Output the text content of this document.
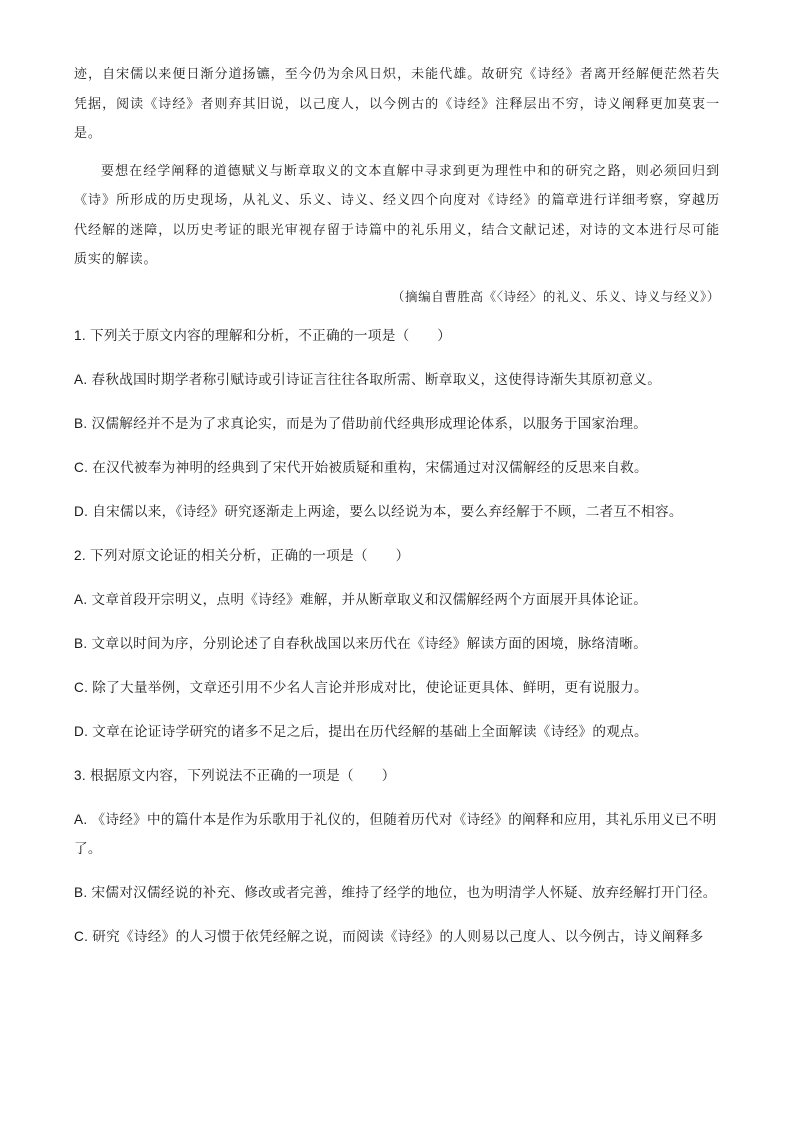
迹，自宋儒以来便日渐分道扬镳，至今仍为余风日炽，未能代雄。故研究《诗经》者离开经解便茫然若失凭据，阅读《诗经》者则弃其旧说，以己度人，以今例古的《诗经》注释层出不穷，诗义阐释更加莫衷一是。

要想在经学阐释的道德赋义与断章取义的文本直解中寻求到更为理性中和的研究之路，则必须回归到《诗》所形成的历史现场，从礼义、乐义、诗义、经义四个向度对《诗经》的篇章进行详细考察，穿越历代经解的迷障，以历史考证的眼光审视存留于诗篇中的礼乐用义，结合文献记述，对诗的文本进行尽可能质实的解读。

（摘编自曹胜高《〈诗经〉的礼义、乐义、诗义与经义》）

1. 下列关于原文内容的理解和分析，不正确的一项是（　　）

A. 春秋战国时期学者称引赋诗或引诗证言往往各取所需、断章取义，这使得诗渐失其原初意义。

B. 汉儒解经并不是为了求真论实，而是为了借助前代经典形成理论体系，以服务于国家治理。

C. 在汉代被奉为神明的经典到了宋代开始被质疑和重构，宋儒通过对汉儒解经的反思来自救。

D. 自宋儒以来，《诗经》研究逐渐走上两途，要么以经说为本，要么弃经解于不顾，二者互不相容。

2. 下列对原文论证的相关分析，正确的一项是（　　）

A. 文章首段开宗明义，点明《诗经》难解，并从断章取义和汉儒解经两个方面展开具体论证。

B. 文章以时间为序，分别论述了自春秋战国以来历代在《诗经》解读方面的困境，脉络清晰。

C. 除了大量举例，文章还引用不少名人言论并形成对比，使论证更具体、鲜明，更有说服力。

D. 文章在论证诗学研究的诸多不足之后，提出在历代经解的基础上全面解读《诗经》的观点。

3. 根据原文内容，下列说法不正确的一项是（　　）

A. 《诗经》中的篇什本是作为乐歌用于礼仪的，但随着历代对《诗经》的阐释和应用，其礼乐用义已不明了。

B. 宋儒对汉儒经说的补充、修改或者完善，维持了经学的地位，也为明清学人怀疑、放弃经解打开门径。

C. 研究《诗经》的人习惯于依凭经解之说，而阅读《诗经》的人则易以己度人、以今例古，诗义阐释多
